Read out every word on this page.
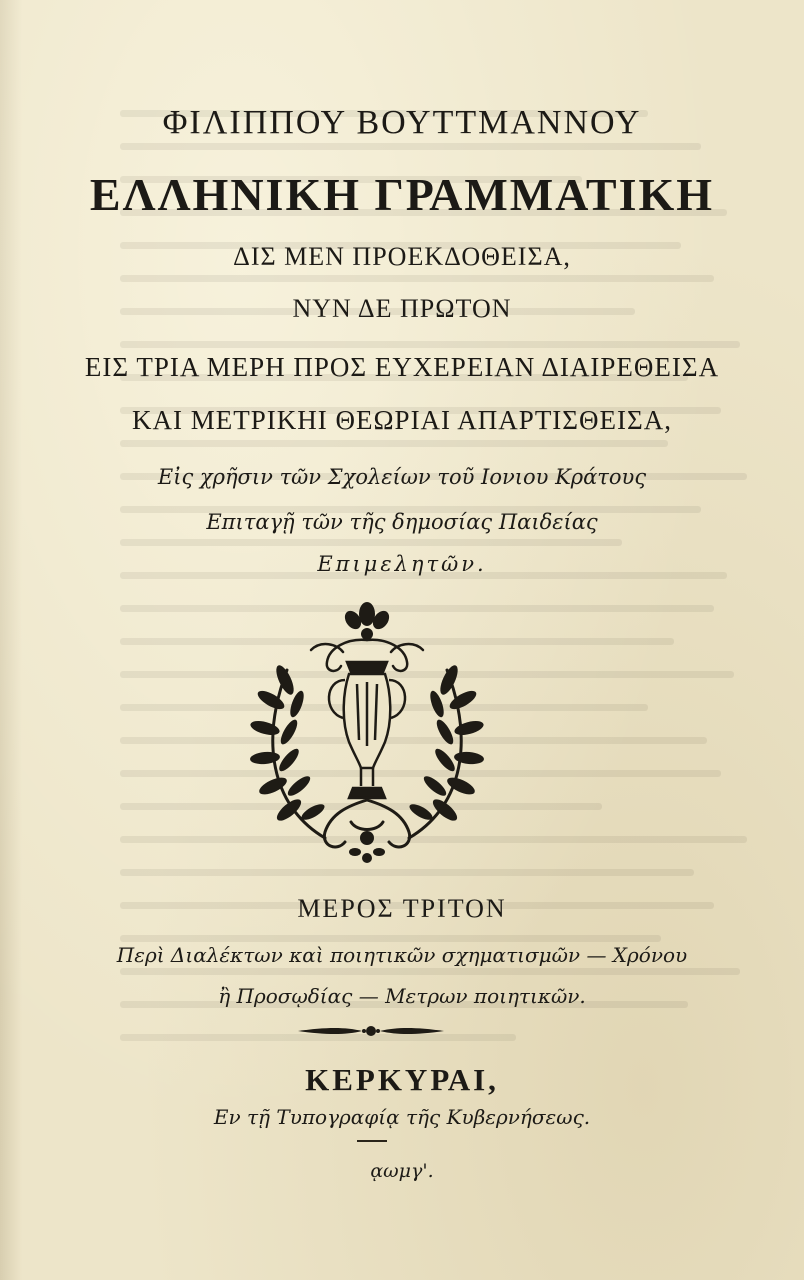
ΦΙΛΙΠΠΟΥ ΒΟΥΤΤΜΑΝΝΟΥ
ΕΛΛΗΝΙΚΗ ΓΡΑΜΜΑΤΙΚΗ
ΔΙΣ ΜΕΝ ΠΡΟΕΚΔΟΘΕΙΣΑ,
ΝΥΝ ΔΕ ΠΡΩΤΟΝ
ΕΙΣ ΤΡΙΑ ΜΕΡΗ ΠΡΟΣ ΕΥΧΕΡΕΙΑΝ ΔΙΑΙΡΕΘΕΙΣΑ
ΚΑΙ ΜΕΤΡΙΚΗΙ ΘΕΩΡΙΑΙ ΑΠΑΡΤΙΣΘΕΙΣΑ,
Εἰς χρῆσιν τῶν Σχολείων τοῦ Ιονιου Κράτους
Επιταγῇ τῶν τῆς δημοσίας Παιδείας
Επιμελητῶν.
ΜΕΡΟΣ ΤΡΙΤΟΝ
Περὶ Διαλέκτων καὶ ποιητικῶν σχηματισμῶν — Χρόνου
ἢ Προσῳδίας — Μετρων ποιητικῶν.
ΚΕΡΚΥΡΑΙ,
Εν τῇ Τυπογραφίᾳ τῆς Κυβερνήσεως.
ᾳωμγ'.
